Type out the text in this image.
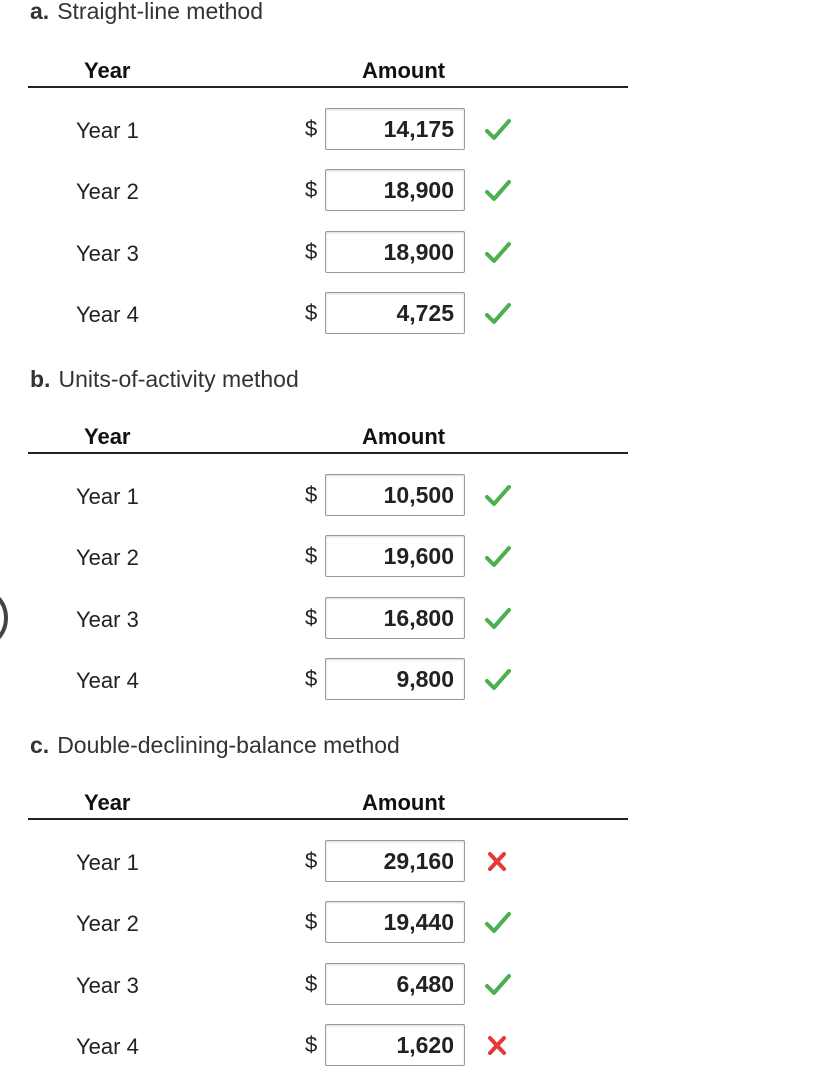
a. Straight-line method
Year	Amount
b. Units-of-activity method
Year	Amount
c. Double-declining-balance method
Year	Amount
Year 1	$	14,175
Year 2	$	18,900
Year 3	$	18,900
Year 4	$	4,725
Year 1	$	10,500
Year 2	$	19,600
Year 3	$	16,800
Year 4	$	9,800
Year 1	$	29,160
Year 2	$	19,440
Year 3	$	6,480
Year 4	$	1,620
